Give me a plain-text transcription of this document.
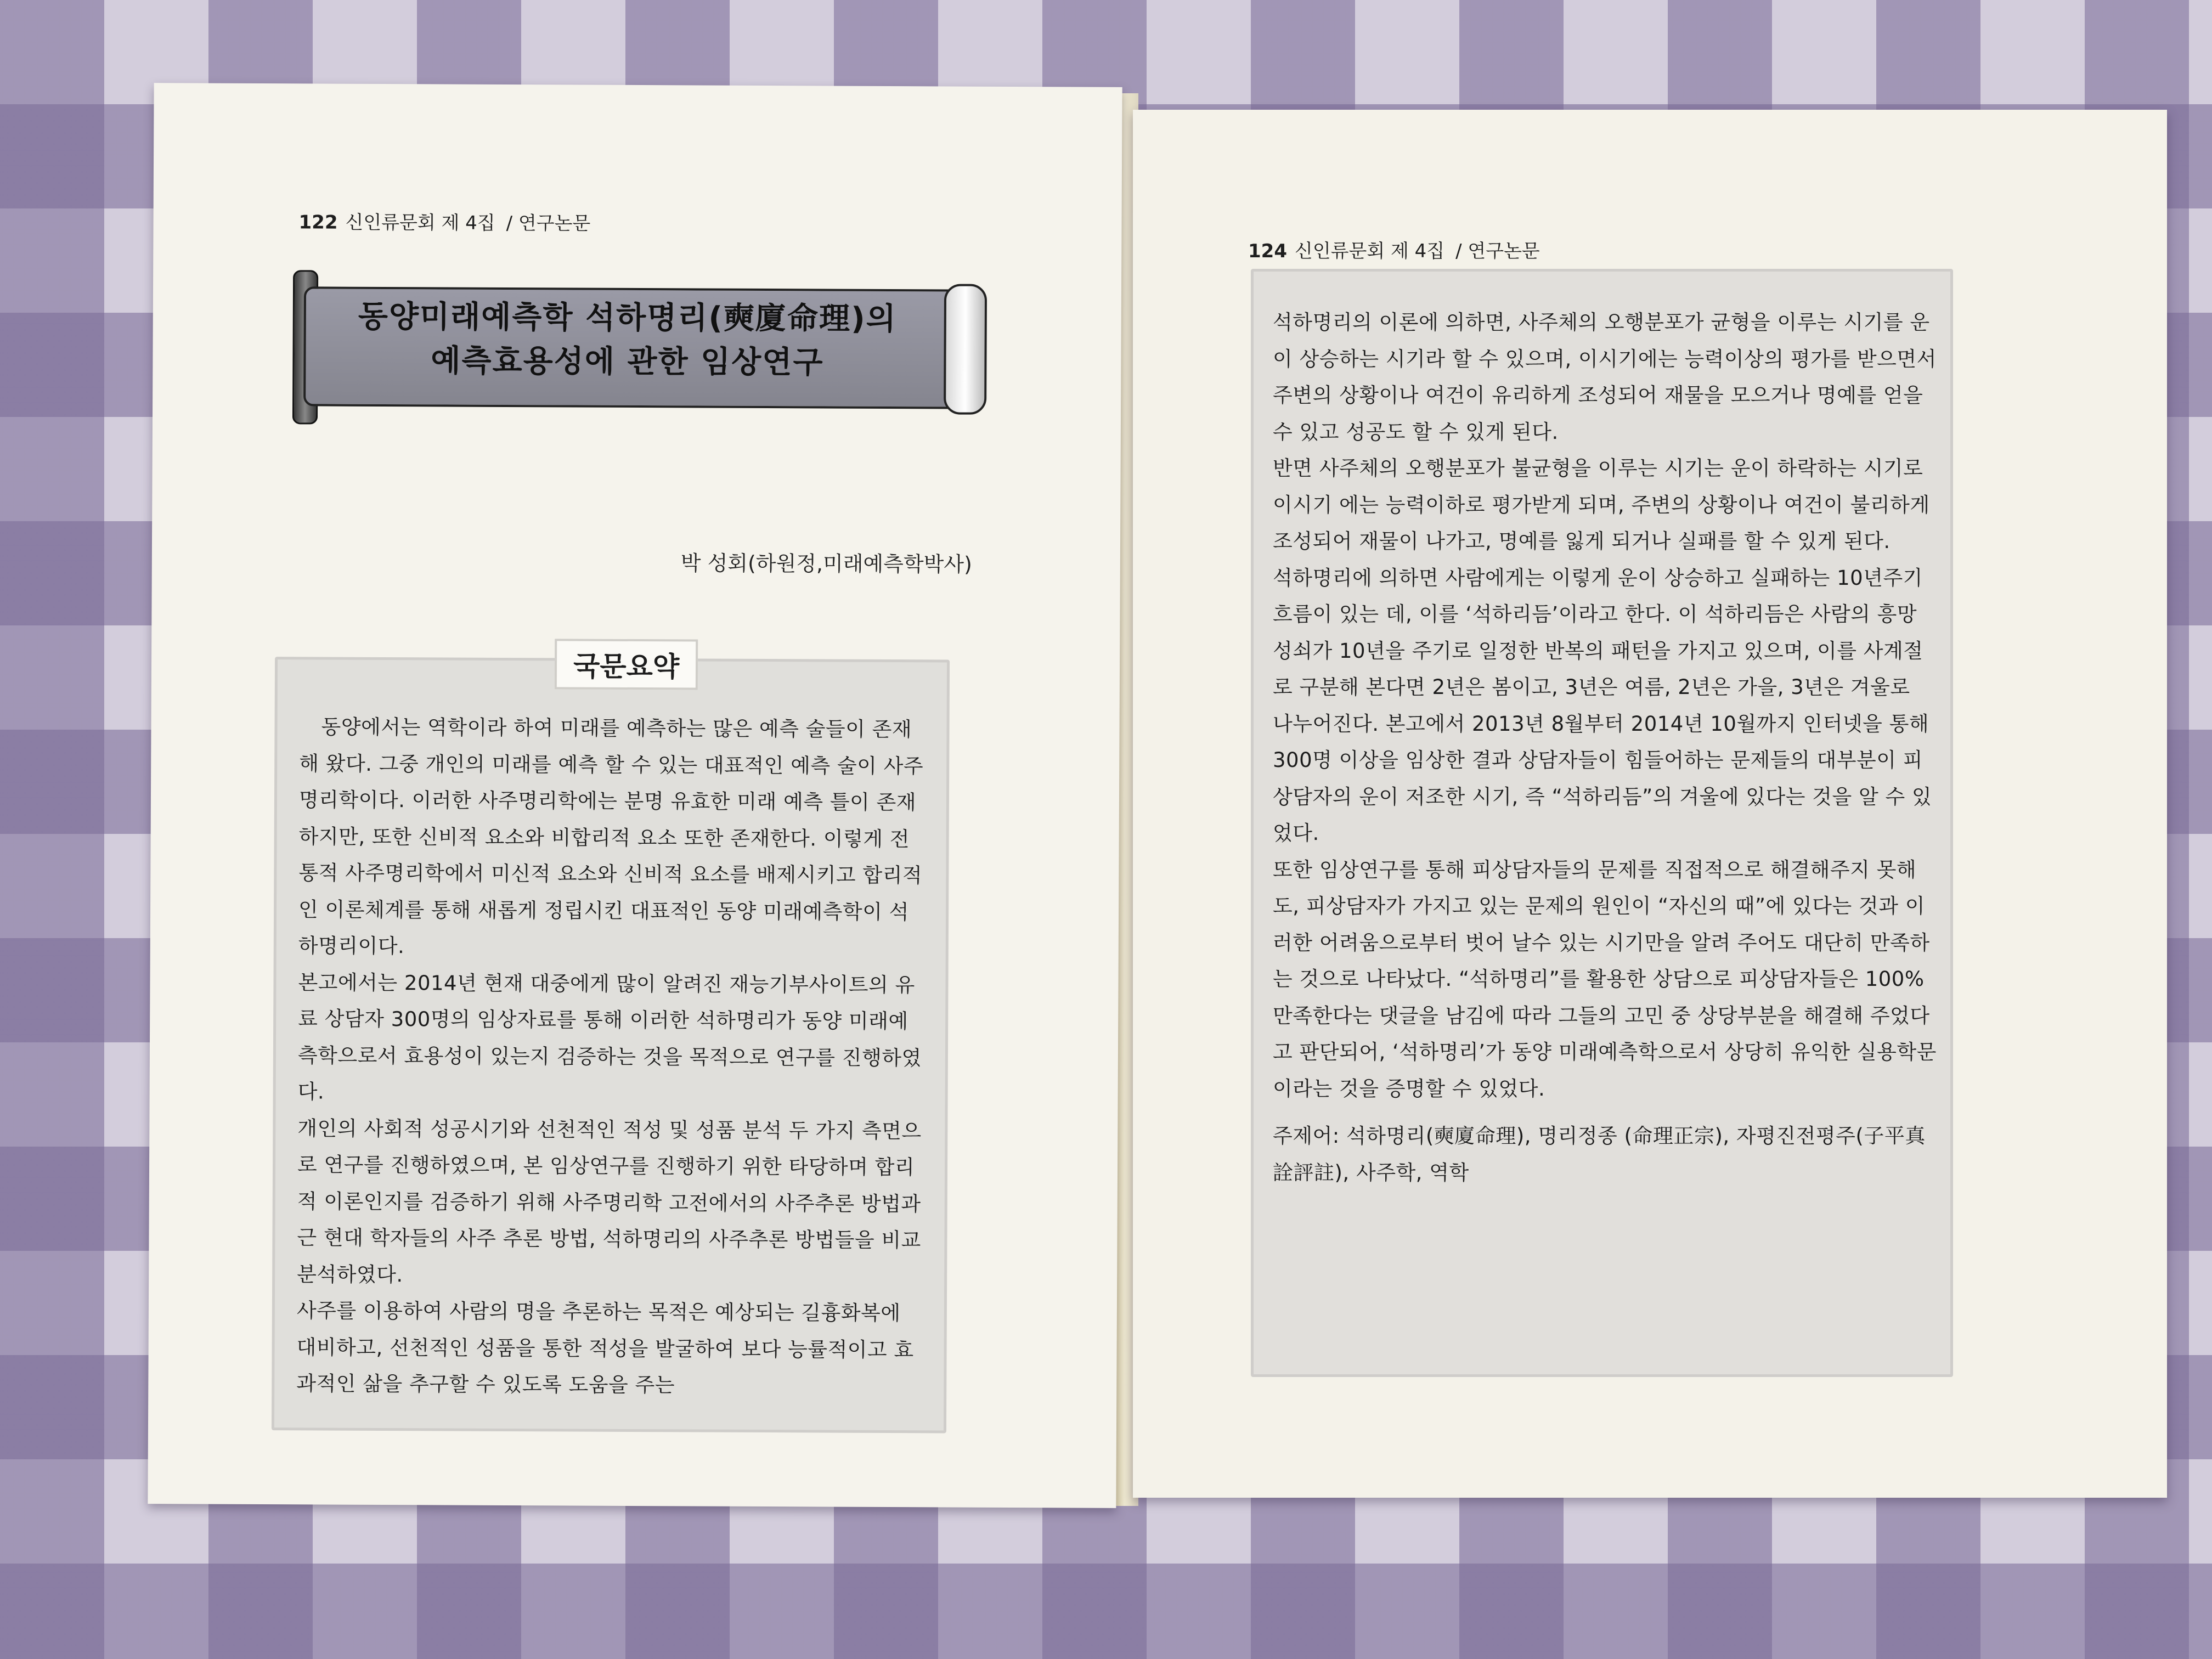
122 신인류문회 제 4집 / 연구논문
동양미래예측학 석하명리(奭廈命理)의
예측효용성에 관한 임상연구
박 성회(하원정,미래예측학박사)
국문요약

동양에서는 역학이라 하여 미래를 예측하는 많은 예측 술들이 존재해 왔다. 그중 개인의 미래를 예측 할 수 있는 대표적인 예측 술이 사주명리학이다. 이러한 사주명리학에는 분명 유효한 미래 예측 틀이 존재하지만, 또한 신비적 요소와 비합리적 요소 또한 존재한다. 이렇게 전통적 사주명리학에서 미신적 요소와 신비적 요소를 배제시키고 합리적인 이론체계를 통해 새롭게 정립시킨 대표적인 동양 미래예측학이 석하명리이다.

본고에서는 2014년 현재 대중에게 많이 알려진 재능기부사이트의 유료 상담자 300명의 임상자료를 통해 이러한 석하명리가 동양 미래예측학으로서 효용성이 있는지 검증하는 것을 목적으로 연구를 진행하였다.

개인의 사회적 성공시기와 선천적인 적성 및 성품 분석 두 가지 측면으로 연구를 진행하였으며, 본 임상연구를 진행하기 위한 타당하며 합리적 이론인지를 검증하기 위해 사주명리학 고전에서의 사주추론 방법과 근 현대 학자들의 사주 추론 방법, 석하명리의 사주추론 방법들을 비교 분석하였다.

사주를 이용하여 사람의 명을 추론하는 목적은 예상되는 길흉화복에 대비하고, 선천적인 성품을 통한 적성을 발굴하여 보다 능률적이고 효과적인 삶을 추구할 수 있도록 도움을 주는

124 신인류문회 제 4집 / 연구논문

석하명리의 이론에 의하면, 사주체의 오행분포가 균형을 이루는 시기를 운이 상승하는 시기라 할 수 있으며, 이시기에는 능력이상의 평가를 받으면서 주변의 상황이나 여건이 유리하게 조성되어 재물을 모으거나 명예를 얻을 수 있고 성공도 할 수 있게 된다.

반면 사주체의 오행분포가 불균형을 이루는 시기는 운이 하락하는 시기로 이시기 에는 능력이하로 평가받게 되며, 주변의 상황이나 여건이 불리하게 조성되어 재물이 나가고, 명예를 잃게 되거나 실패를 할 수 있게 된다.

석하명리에 의하면 사람에게는 이렇게 운이 상승하고 실패하는 10년주기 흐름이 있는 데, 이를 ‘석하리듬’이라고 한다. 이 석하리듬은 사람의 흥망성쇠가 10년을 주기로 일정한 반복의 패턴을 가지고 있으며, 이를 사계절로 구분해 본다면 2년은 봄이고, 3년은 여름, 2년은 가을, 3년은 겨울로 나누어진다. 본고에서 2013년 8월부터 2014년 10월까지 인터넷을 통해 300명 이상을 임상한 결과 상담자들이 힘들어하는 문제들의 대부분이 피상담자의 운이 저조한 시기, 즉 “석하리듬”의 겨울에 있다는 것을 알 수 있었다.

또한 임상연구를 통해 피상담자들의 문제를 직접적으로 해결해주지 못해도, 피상담자가 가지고 있는 문제의 원인이 “자신의 때”에 있다는 것과 이러한 어려움으로부터 벗어 날수 있는 시기만을 알려 주어도 대단히 만족하는 것으로 나타났다. “석하명리”를 활용한 상담으로 피상담자들은 100% 만족한다는 댓글을 남김에 따라 그들의 고민 중 상당부분을 해결해 주었다고 판단되어, ‘석하명리’가 동양 미래예측학으로서 상당히 유익한 실용학문이라는 것을 증명할 수 있었다.

주제어: 석하명리(奭廈命理), 명리정종 (命理正宗), 자평진전평주(子平真詮評註), 사주학, 역학
